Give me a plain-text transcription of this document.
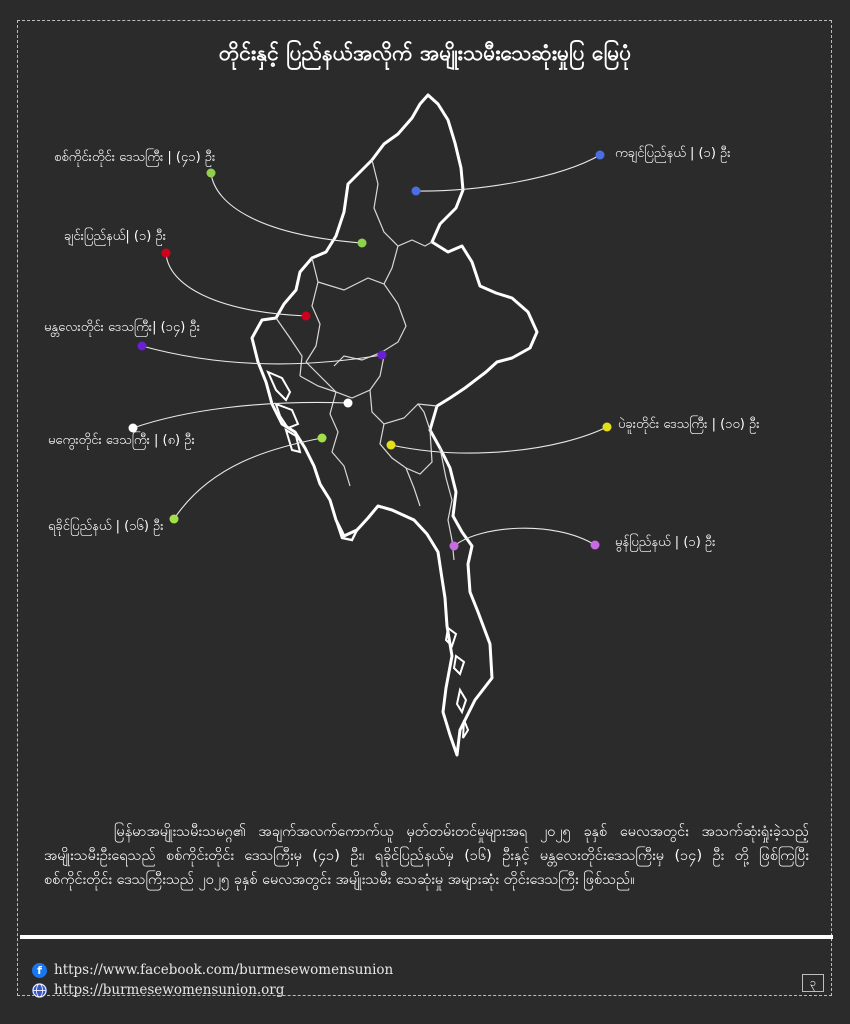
တိုင်းနှင့် ပြည်နယ်အလိုက် အမျိုးသမီးသေဆုံးမှုပြ မြေပုံ
စစ်ကိုင်းတိုင်း ဒေသကြီး | (၄၁) ဦး
ချင်းပြည်နယ်| (၁) ဦး
မန္တလေးတိုင်း ဒေသကြီး| (၁၄) ဦး
မကွေးတိုင်း ဒေသကြီး | (၈) ဦး
ရခိုင်ပြည်နယ် | (၁၆) ဦး
ကချင်ပြည်နယ် | (၁) ဦး
ပဲခူးတိုင်း ဒေသကြီး | (၁၀) ဦး
မွန်ပြည်နယ် | (၁) ဦး
မြန်မာအမျိုးသမီးသမဂ္ဂ၏ အချက်အလက်ကောက်ယူ မှတ်တမ်းတင်မှုများအရ ၂၀၂၅ ခုနှစ် မေလအတွင်း အသက်ဆုံးရှုံးခဲ့သည့် အမျိုးသမီးဦးရေသည် စစ်ကိုင်းတိုင်း ဒေသကြီးမှ (၄၁) ဦး၊ ရခိုင်ပြည်နယ်မှ (၁၆) ဦးနှင့် မန္တလေးတိုင်းဒေသကြီးမှ (၁၄) ဦး တို့ ဖြစ်ကြပြီး စစ်ကိုင်းတိုင်း ဒေသကြီးသည် ၂၀၂၅ ခုနှစ် မေလအတွင်း အမျိုးသမီး သေဆုံးမှု အများဆုံး တိုင်းဒေသကြီး ဖြစ်သည်။
f https://www.facebook.com/burmesewomensunion
https://burmesewomensunion.org	၃
